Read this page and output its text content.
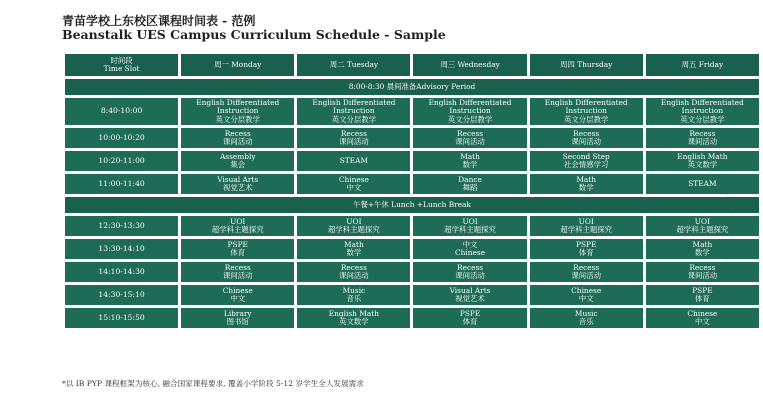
青苗学校上东校区课程时间表 - 范例
Beanstalk UES Campus Curriculum Schedule - Sample
时间段
Time Slot	周一 Monday	周二 Tuesday	周三 Wednesday	周四 Thursday	周五 Friday

8:00-8:30 晨间准备Advisory Period					
8:40-10:00	English Differentiated
Instruction
英文分层教学	English Differentiated
Instruction
英文分层教学	English Differentiated
Instruction
英文分层教学	English Differentiated
Instruction
英文分层教学	English Differentiated
Instruction
英文分层教学

10:00-10:20	Recess
课间活动	Recess
课间活动	Recess
课间活动	Recess
课间活动	Recess
课间活动

10:20-11:00	Assembly
集会	STEAM	Math
数学	Second Step
社会情感学习	English Math
英文数学

11:00-11:40	Visual Arts
视觉艺术	Chinese
中文	Dance
舞蹈	Math
数学	STEAM

午餐+午休 Lunch +Lunch Break					
12:30-13:30	UOI
超学科主题探究	UOI
超学科主题探究	UOI
超学科主题探究	UOI
超学科主题探究	UOI
超学科主题探究

13:30-14:10	PSPE
体育	Math
数学	中文
Chinese	PSPE
体育	Math
数学

14:10-14:30	Recess
课间活动	Recess
课间活动	Recess
课间活动	Recess
课间活动	Recess
课间活动

14:30-15:10	Chinese
中文	Music
音乐	Visual Arts
视觉艺术	Chinese
中文	PSPE
体育

15:10-15:50	Library
图书馆	English Math
英文数学	PSPE
体育	Music
音乐	Chinese
中文
*以 IB PYP 课程框架为核心, 融合国家课程要求, 覆盖小学阶段 5-12 岁学生全人发展需求
